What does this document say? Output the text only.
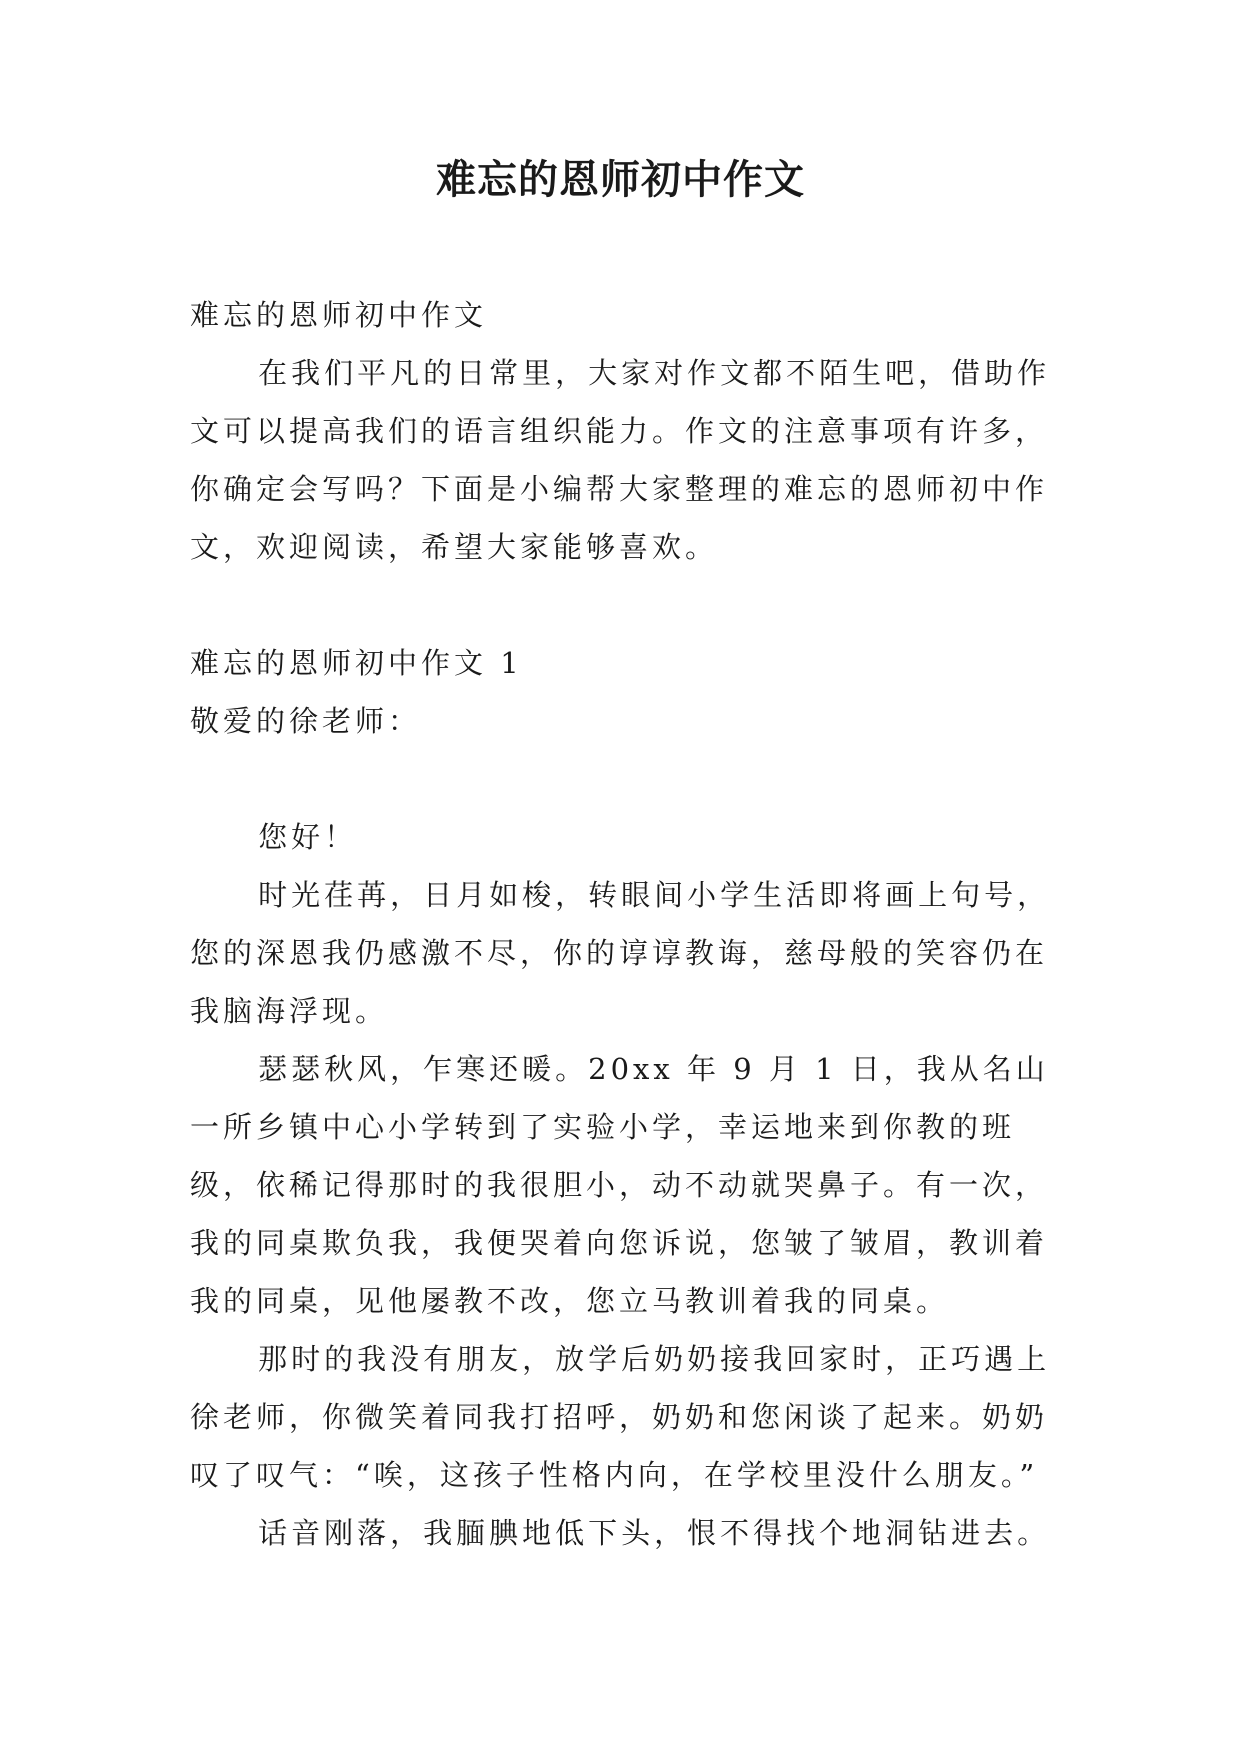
难忘的恩师初中作文

难忘的恩师初中作文

在我们平凡的日常里，大家对作文都不陌生吧，借助作文可以提高我们的语言组织能力。作文的注意事项有许多，你确定会写吗？下面是小编帮大家整理的难忘的恩师初中作文，欢迎阅读，希望大家能够喜欢。

难忘的恩师初中作文 1

敬爱的徐老师：

您好！

时光荏苒，日月如梭，转眼间小学生活即将画上句号，您的深恩我仍感激不尽，你的谆谆教诲，慈母般的笑容仍在我脑海浮现。

瑟瑟秋风，乍寒还暖。20xx 年 9 月 1 日，我从名山一所乡镇中心小学转到了实验小学，幸运地来到你教的班级，依稀记得那时的我很胆小，动不动就哭鼻子。有一次，我的同桌欺负我，我便哭着向您诉说，您皱了皱眉，教训着我的同桌，见他屡教不改，您立马教训着我的同桌。

那时的我没有朋友，放学后奶奶接我回家时，正巧遇上徐老师，你微笑着同我打招呼，奶奶和您闲谈了起来。奶奶叹了叹气：“唉，这孩子性格内向，在学校里没什么朋友。”

话音刚落，我腼腆地低下头，恨不得找个地洞钻进去。
